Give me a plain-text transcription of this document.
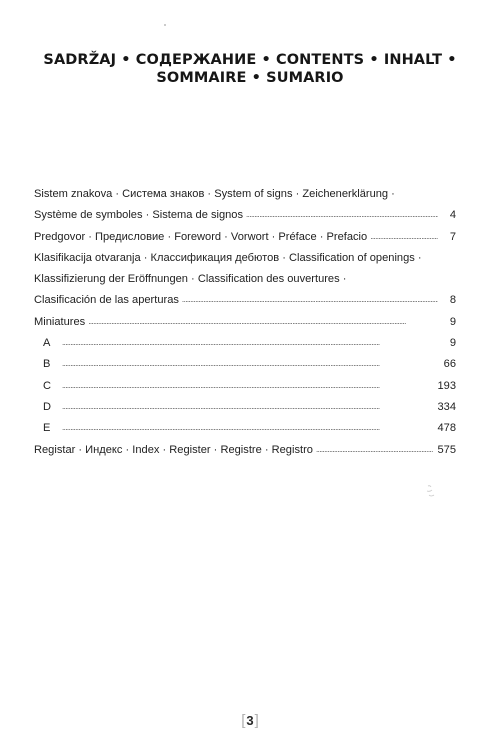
SADRŽAJ • СОДЕРЖАНИЕ • CONTENTS • INHALT •
SOMMAIRE • SUMARIO
Sistem znakova · Система знаков · System of signs · Zeichenerklärung ·
Système de symboles · Sistema de signos . . .	4
Predgovor · Предисловие · Foreword · Vorwort · Préface · Prefacio . . .	7
Klasifikacija otvaranja · Классификация дебютов · Classification of openings ·
Klassifizierung der Eröffnungen · Classification des ouvertures ·
Clasificación de las aperturas . . .	8
Miniatures . . .	9
A . . .	9
B . . .	66
C . . .	193
D . . .	334
E . . .	478
Registar · Индекс · Index · Register · Registre · Registro . . .	575
[3]
